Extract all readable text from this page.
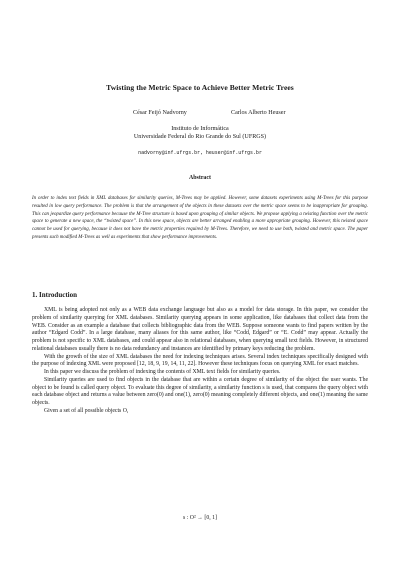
Twisting the Metric Space to Achieve Better Metric Trees
César Feijó Nadvorny	Carlos Alberto Heuser
Instituto de Informática
Universidade Federal do Rio Grande do Sul (UFRGS)
nadvorny@inf.ufrgs.br, heuser@inf.ufrgs.br
Abstract
In order to index text fields in XML databases for similarity queries, M-Trees may be applied. However, some datasets experiments using M-Trees for this purpose resulted in low query performance. The problem is that the arrangement of the objects in these datasets over the metric space seems to be inappropriate for grouping. This can jeopardize query performance because the M-Tree structure is based upon grouping of similar objects. We propose applying a twisting function over the metric space to generate a new space, the “twisted space”. In this new space, objects are better arranged enabling a more appropriate grouping. However, this twisted space cannot be used for querying, because it does not have the metric properties required by M-Trees. Therefore, we need to use both, twisted and metric space. The paper presents such modified M-Trees as well as experiments that show performance improvements.
1. Introduction

XML is being adopted not only as a WEB data exchange language but also as a model for data storage. In this paper, we consider the problem of similarity querying for XML databases. Similarity querying appears in some application, like databases that collect data from the WEB. Consider as an example a database that collects bibliographic data from the WEB. Suppose someone wants to find papers written by the author “Edgard Codd”. In a large database, many aliases for this same author, like “Codd, Edgard” or “E. Codd” may appear. Actually the problem is not specific to XML databases, and could appear also in relational databases, when querying small text fields. However, in structured relational databases usually there is no data redundancy and instances are identified by primary keys reducing the problem.

With the growth of the size of XML databases the need for indexing techniques arises. Several index techniques specifically designed with the purpose of indexing XML were proposed [12, 18, 9, 19, 14, 11, 22]. However these techniques focus on querying XML for exact matches.

In this paper we discuss the problem of indexing the contents of XML text fields for similarity queries.

Similarity queries are used to find objects in the database that are within a certain degree of similarity of the object the user wants. The object to be found is called query object. To evaluate this degree of similarity, a similarity function s is used, that compares the query object with each database object and returns a value between zero(0) and one(1), zero(0) meaning completely different objects, and one(1) meaning the same objects.

Given a set of all possible objects O,

s : O² → [0, 1]
